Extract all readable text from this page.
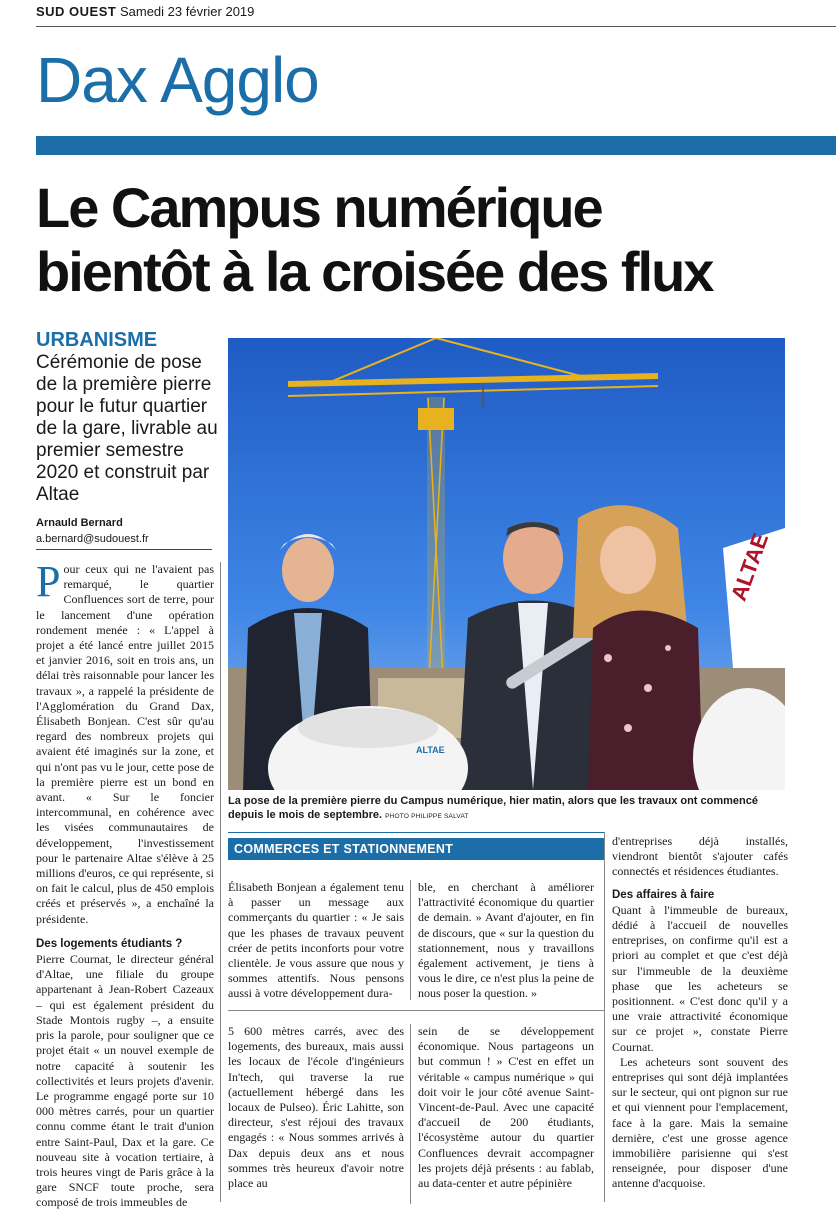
SUD OUEST Samedi 23 février 2019
Dax Agglo
Le Campus numérique
bientôt à la croisée des flux
URBANISME
Cérémonie de pose de la première pierre pour le futur quartier de la gare, livrable au premier semestre 2020 et construit par Altae
Arnauld Bernard
a.bernard@sudouest.fr

Pour ceux qui ne l'avaient pas remarqué, le quartier Confluences sort de terre, pour le lancement d'une opération rondement menée : « L'appel à projet a été lancé entre juillet 2015 et janvier 2016, soit en trois ans, un délai très raisonnable pour lancer les travaux », a rappelé la présidente de l'Agglomération du Grand Dax, Élisabeth Bonjean. C'est sûr qu'au regard des nombreux projets qui avaient été imaginés sur la zone, et qui n'ont pas vu le jour, cette pose de la première pierre est un bond en avant. « Sur le foncier intercommunal, en cohérence avec les visées communautaires de développement, l'investissement pour le partenaire Altae s'élève à 25 millions d'euros, ce qui représente, si on fait le calcul, plus de 450 emplois créés et préservés », a enchaîné la présidente.

Des logements étudiants ?

Pierre Cournat, le directeur général d'Altae, une filiale du groupe appartenant à Jean-Robert Cazeaux – qui est également président du Stade Montois rugby –, a ensuite pris la parole, pour souligner que ce projet était « un nouvel exemple de notre capacité à soutenir les collectivités et leurs projets d'avenir. Le programme engagé porte sur 10 000 mètres carrés, pour un quartier connu comme étant le trait d'union entre Saint-Paul, Dax et la gare. Ce nouveau site à vocation tertiaire, à trois heures vingt de Paris grâce à la gare SNCF toute proche, sera composé de trois immeubles de

ALTAE
ALTAE
La pose de la première pierre du Campus numérique, hier matin, alors que les travaux ont commencé depuis le mois de septembre. PHOTO PHILIPPE SALVAT
COMMERCES ET STATIONNEMENT

Élisabeth Bonjean a également tenu à passer un message aux commerçants du quartier : « Je sais que les phases de travaux peuvent créer de petits inconforts pour votre clientèle. Je vous assure que nous y sommes attentifs. Nous pensons aussi à votre développement dura-

ble, en cherchant à améliorer l'attractivité économique du quartier de demain. » Avant d'ajouter, en fin de discours, que « sur la question du stationnement, nous y travaillons également activement, je tiens à vous le dire, ce n'est plus la peine de nous poser la question. »

5 600 mètres carrés, avec des logements, des bureaux, mais aussi les locaux de l'école d'ingénieurs In'tech, qui traverse la rue (actuellement hébergé dans les locaux de Pulseo). Éric Lahitte, son directeur, s'est réjoui des travaux engagés : « Nous sommes arrivés à Dax depuis deux ans et nous sommes très heureux d'avoir notre place au

sein de se développement économique. Nous partageons un but commun ! » C'est en effet un véritable « campus numérique » qui doit voir le jour côté avenue Saint-Vincent-de-Paul. Avec une capacité d'accueil de 200 étudiants, l'écosystème autour du quartier Confluences devrait accompagner les projets déjà présents : au fablab, au data-center et autre pépinière

d'entreprises déjà installés, viendront bientôt s'ajouter cafés connectés et résidences étudiantes.

Des affaires à faire

Quant à l'immeuble de bureaux, dédié à l'accueil de nouvelles entreprises, on confirme qu'il est a priori au complet et que c'est déjà sur l'immeuble de la deuxième phase que les acheteurs se positionnent. « C'est donc qu'il y a une vraie attractivité économique sur ce projet », constate Pierre Cournat.

Les acheteurs sont souvent des entreprises qui sont déjà implantées sur le secteur, qui ont pignon sur rue et qui viennent pour l'emplacement, face à la gare. Mais la semaine dernière, c'est une grosse agence immobilière parisienne qui s'est renseignée, pour disposer d'une antenne d'acquoise.
